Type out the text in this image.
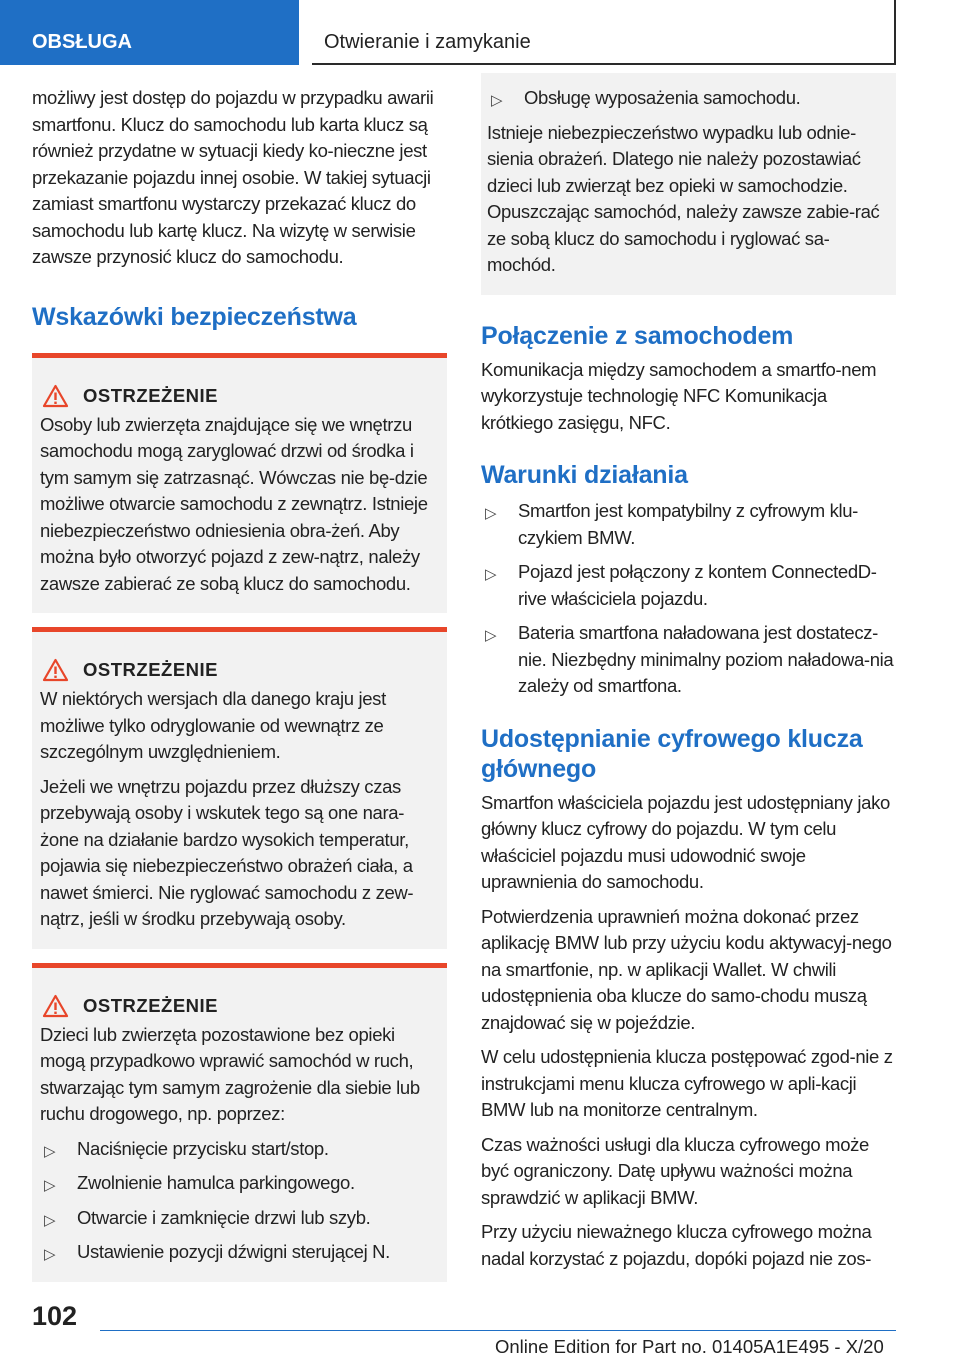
OBSŁUGA	Otwieranie i zamykanie

możliwy jest dostęp do pojazdu w przypadku awarii smartfonu. Klucz do samochodu lub karta klucz są również przydatne w sytuacji kiedy ko-nieczne jest przekazanie pojazdu innej osobie. W takiej sytuacji zamiast smartfonu wystarczy przekazać klucz do samochodu lub kartę klucz. Na wizytę w serwisie zawsze przynosić klucz do samochodu.

Wskazówki bezpieczeństwa
OSTRZEŻENIE

Osoby lub zwierzęta znajdujące się we wnętrzu samochodu mogą zaryglować drzwi od środka i tym samym się zatrzasnąć. Wówczas nie bę-dzie możliwe otwarcie samochodu z zewnątrz. Istnieje niebezpieczeństwo odniesienia obra-żeń. Aby można było otworzyć pojazd z zew-nątrz, należy zawsze zabierać ze sobą klucz do samochodu.

OSTRZEŻENIE

W niektórych wersjach dla danego kraju jest możliwe tylko odryglowanie od wewnątrz ze szczególnym uwzględnieniem.

Jeżeli we wnętrzu pojazdu przez dłuższy czas przebywają osoby i wskutek tego są one nara-żone na działanie bardzo wysokich temperatur, pojawia się niebezpieczeństwo obrażeń ciała, a nawet śmierci. Nie ryglować samochodu z zew-nątrz, jeśli w środku przebywają osoby.

OSTRZEŻENIE

Dzieci lub zwierzęta pozostawione bez opieki mogą przypadkowo wprawić samochód w ruch, stwarzając tym samym zagrożenie dla siebie lub ruchu drogowego, np. poprzez:

▷ Naciśnięcie przycisku start/stop.
▷ Zwolnienie hamulca parkingowego.
▷ Otwarcie i zamknięcie drzwi lub szyb.
▷ Ustawienie pozycji dźwigni sterującej N.
▷ Obsługę wyposażenia samochodu.

Istnieje niebezpieczeństwo wypadku lub odnie-sienia obrażeń. Dlatego nie należy pozostawiać dzieci lub zwierząt bez opieki w samochodzie. Opuszczając samochód, należy zawsze zabie-rać ze sobą klucz do samochodu i ryglować sa-mochód.

Połączenie z samochodem

Komunikacja między samochodem a smartfo-nem wykorzystuje technologię NFC Komunikacja krótkiego zasięgu, NFC.

Warunki działania
▷ Smartfon jest kompatybilny z cyfrowym klu-czykiem BMW.
▷ Pojazd jest połączony z kontem ConnectedD-rive właściciela pojazdu.
▷ Bateria smartfona naładowana jest dostatecz-nie. Niezbędny minimalny poziom naładowa-nia zależy od smartfona.
Udostępnianie cyfrowego klucza głównego

Smartfon właściciela pojazdu jest udostępniany jako główny klucz cyfrowy do pojazdu. W tym celu właściciel pojazdu musi udowodnić swoje uprawnienia do samochodu.

Potwierdzenia uprawnień można dokonać przez aplikację BMW lub przy użyciu kodu aktywacyj-nego na smartfonie, np. w aplikacji Wallet. W chwili udostępnienia oba klucze do samo-chodu muszą znajdować się w pojeździe.

W celu udostępnienia klucza postępować zgod-nie z instrukcjami menu klucza cyfrowego w apli-kacji BMW lub na monitorze centralnym.

Czas ważności usługi dla klucza cyfrowego może być ograniczony. Datę upływu ważności można sprawdzić w aplikacji BMW.

Przy użyciu nieważnego klucza cyfrowego można nadal korzystać z pojazdu, dopóki pojazd nie zos-

102
Online Edition for Part no. 01405A1E495 - X/20
